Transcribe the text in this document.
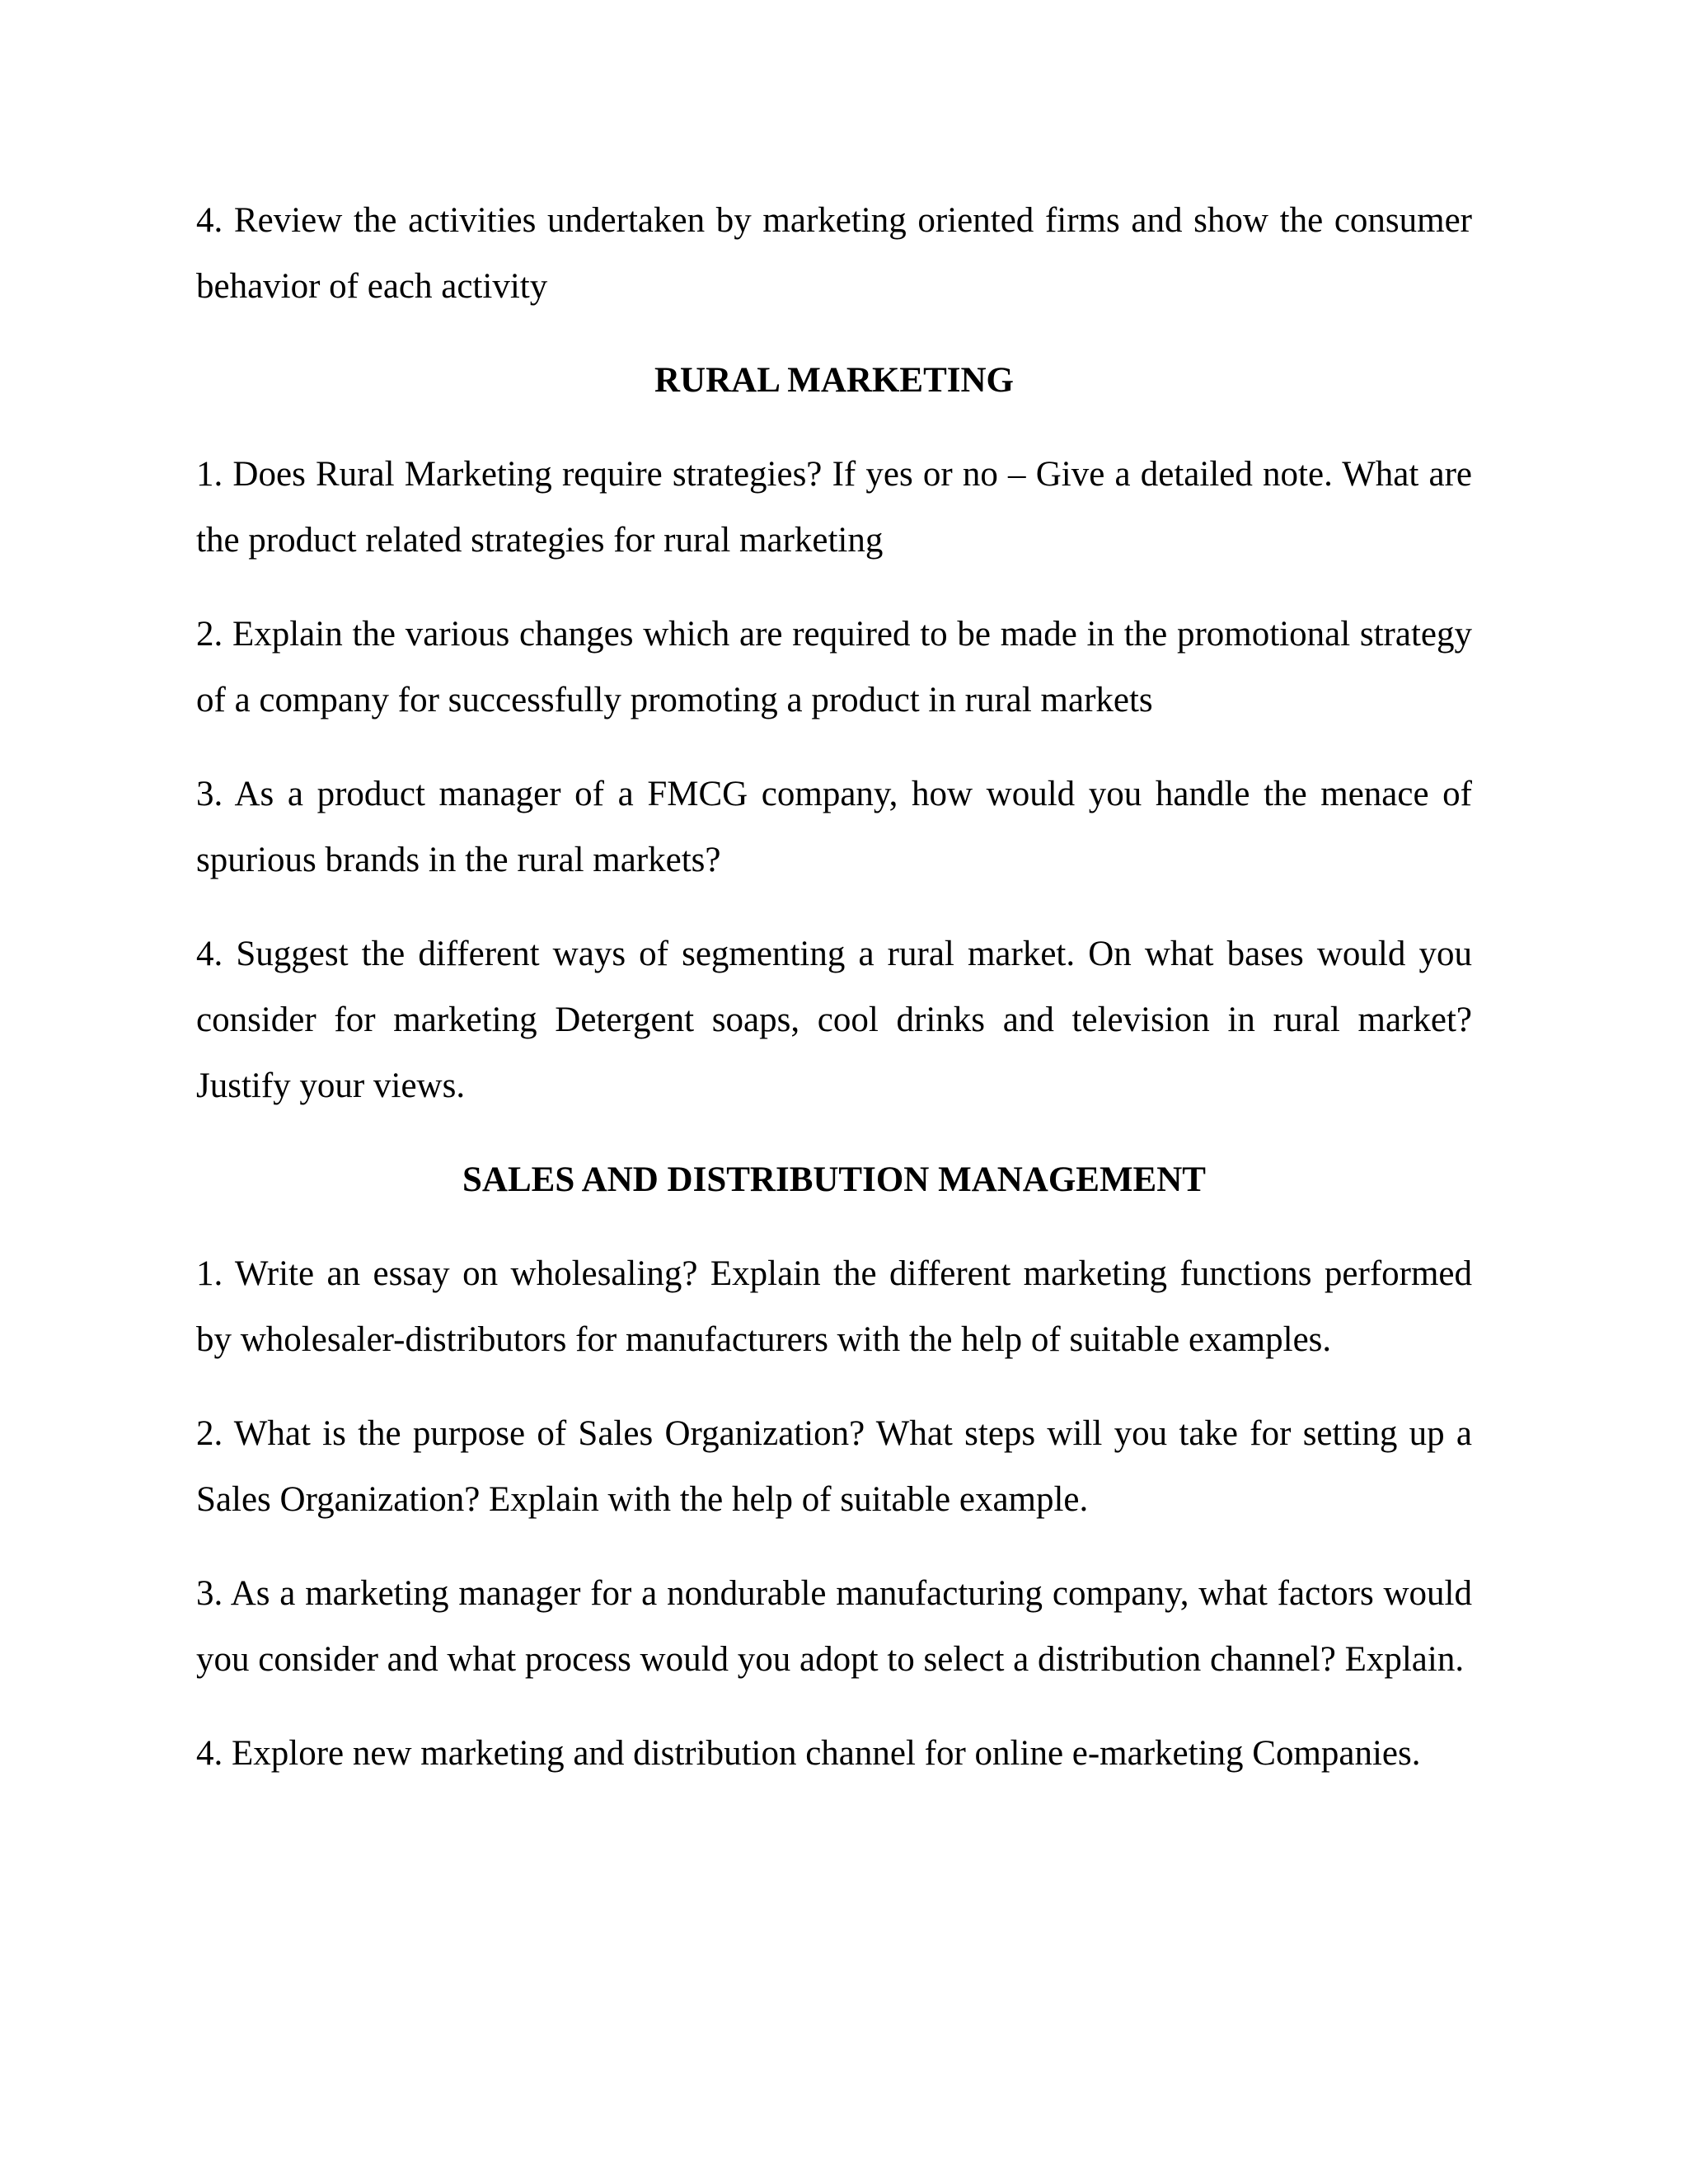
4. Review the activities undertaken by marketing oriented firms and show the consumer behavior of each activity

RURAL MARKETING

1. Does Rural Marketing require strategies? If yes or no – Give a detailed note. What are the product related strategies for rural marketing

2. Explain the various changes which are required to be made in the promotional strategy of a company for successfully promoting a product in rural markets

3. As a product manager of a FMCG company, how would you handle the menace of spurious brands in the rural markets?

4. Suggest the different ways of segmenting a rural market. On what bases would you consider for marketing Detergent soaps, cool drinks and television in rural market? Justify your views.

SALES AND DISTRIBUTION MANAGEMENT

1. Write an essay on wholesaling? Explain the different marketing functions performed by wholesaler-distributors for manufacturers with the help of suitable examples.

2. What is the purpose of Sales Organization? What steps will you take for setting up a Sales Organization? Explain with the help of suitable example.

3. As a marketing manager for a nondurable manufacturing company, what factors would you consider and what process would you adopt to select a distribution channel? Explain.

4. Explore new marketing and distribution channel for online e-marketing Companies.
